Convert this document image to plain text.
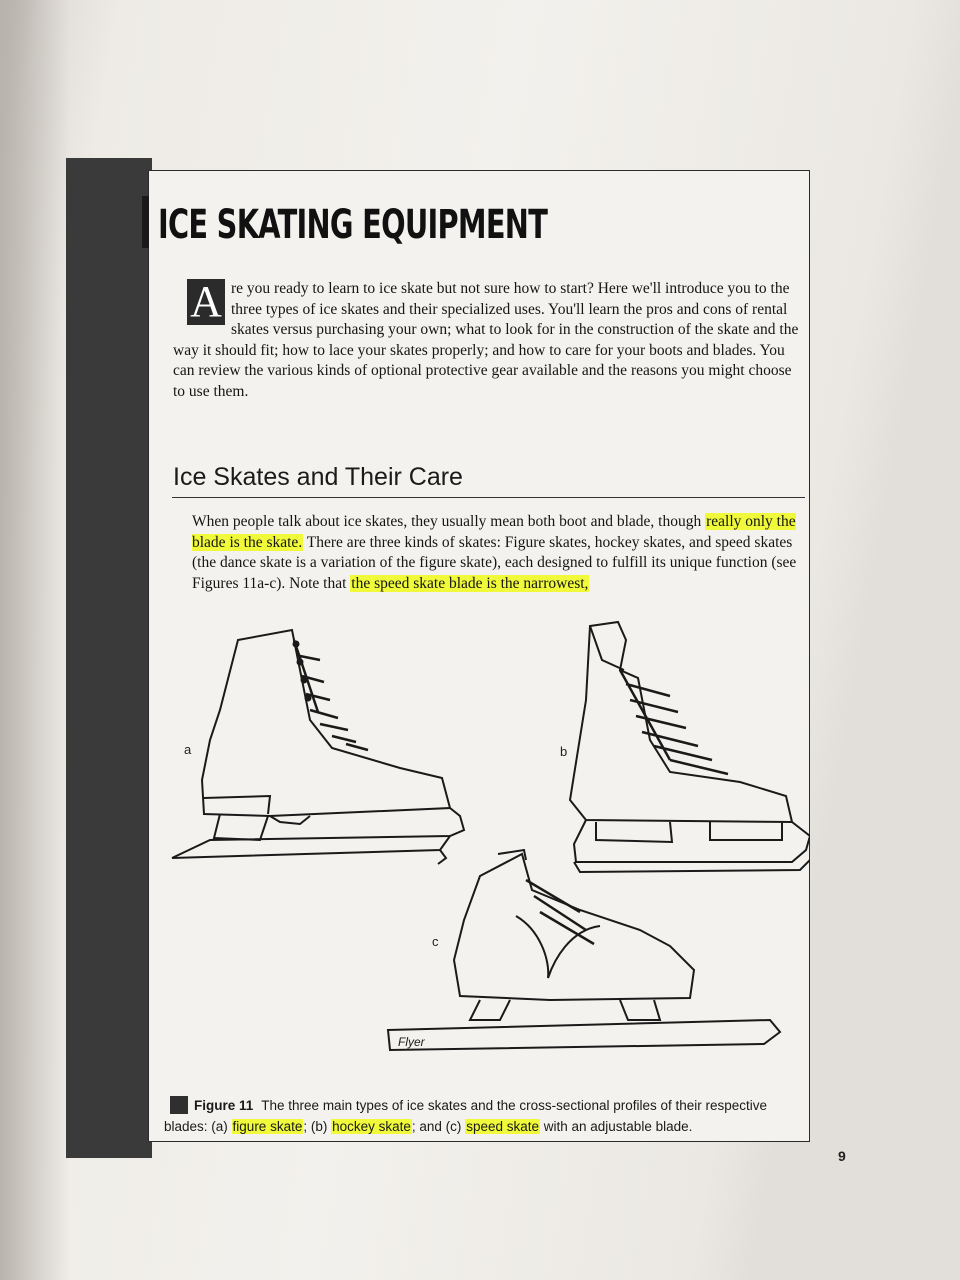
ICE SKATING EQUIPMENT
A re you ready to learn to ice skate but not sure how to start? Here we'll introduce you to the three types of ice skates and their specialized uses. You'll learn the pros and cons of rental skates versus purchasing your own; what to look for in the construction of the skate and the way it should fit; how to lace your skates properly; and how to care for your boots and blades. You can review the various kinds of optional protective gear available and the reasons you might choose to use them.

Ice Skates and Their Care

When people talk about ice skates, they usually mean both boot and blade, though really only the blade is the skate. There are three kinds of skates: Figure skates, hockey skates, and speed skates (the dance skate is a variation of the figure skate), each designed to fulfill its unique function (see Figures 11a-c). Note that the speed skate blade is the narrowest,

Flyer
a	b
c

Figure 11 The three main types of ice skates and the cross-sectional profiles of their respective blades: (a) figure skate; (b) hockey skate; and (c) speed skate with an adjustable blade.

9
